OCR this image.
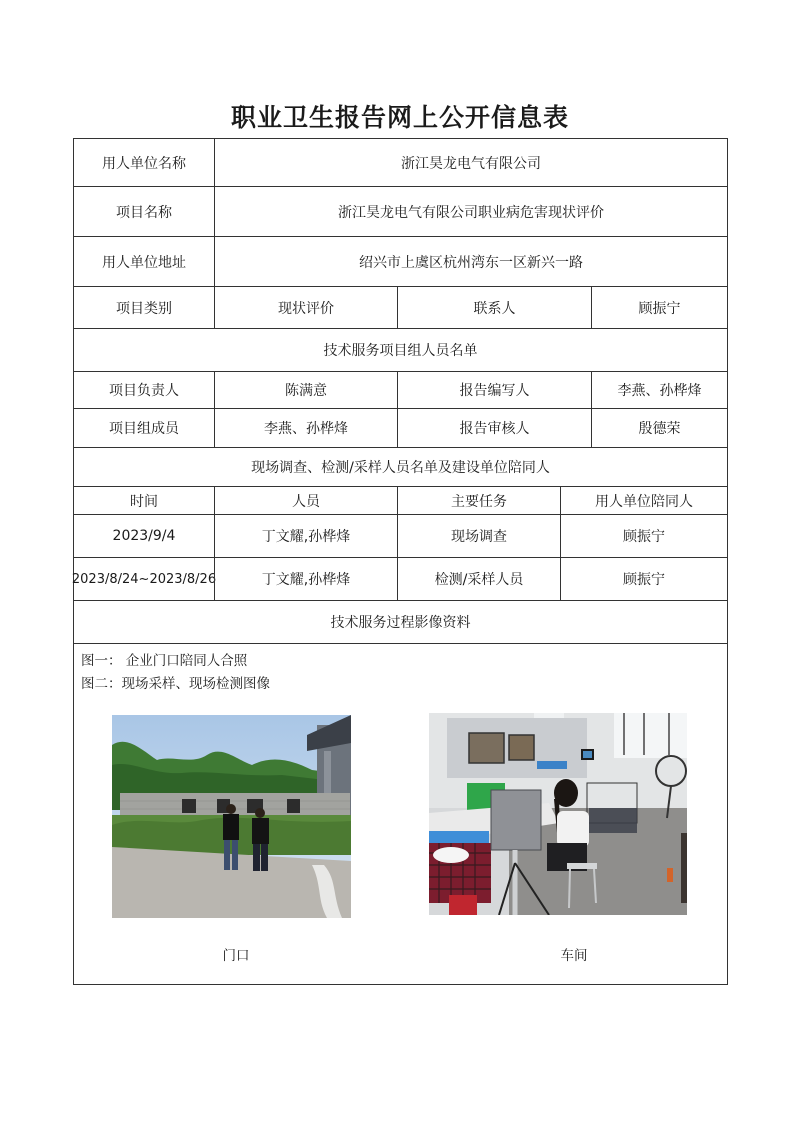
职业卫生报告网上公开信息表
用人单位名称	浙江昊龙电气有限公司
项目名称	浙江昊龙电气有限公司职业病危害现状评价
用人单位地址	绍兴市上虞区杭州湾东一区新兴一路
项目类别	现状评价	联系人	顾振宁
技术服务项目组人员名单
项目负责人	陈满意	报告编写人	李燕、孙桦烽
项目组成员	李燕、孙桦烽	报告审核人	殷德荣
现场调查、检测/采样人员名单及建设单位陪同人
时间	人员	主要任务	用人单位陪同人
2023/9/4	丁文耀,孙桦烽	现场调查	顾振宁
2023/8/24~2023/8/26	丁文耀,孙桦烽	检测/采样人员	顾振宁
技术服务过程影像资料
图一： 企业门口陪同人合照
图二：现场采样、现场检测图像
门口	车间
